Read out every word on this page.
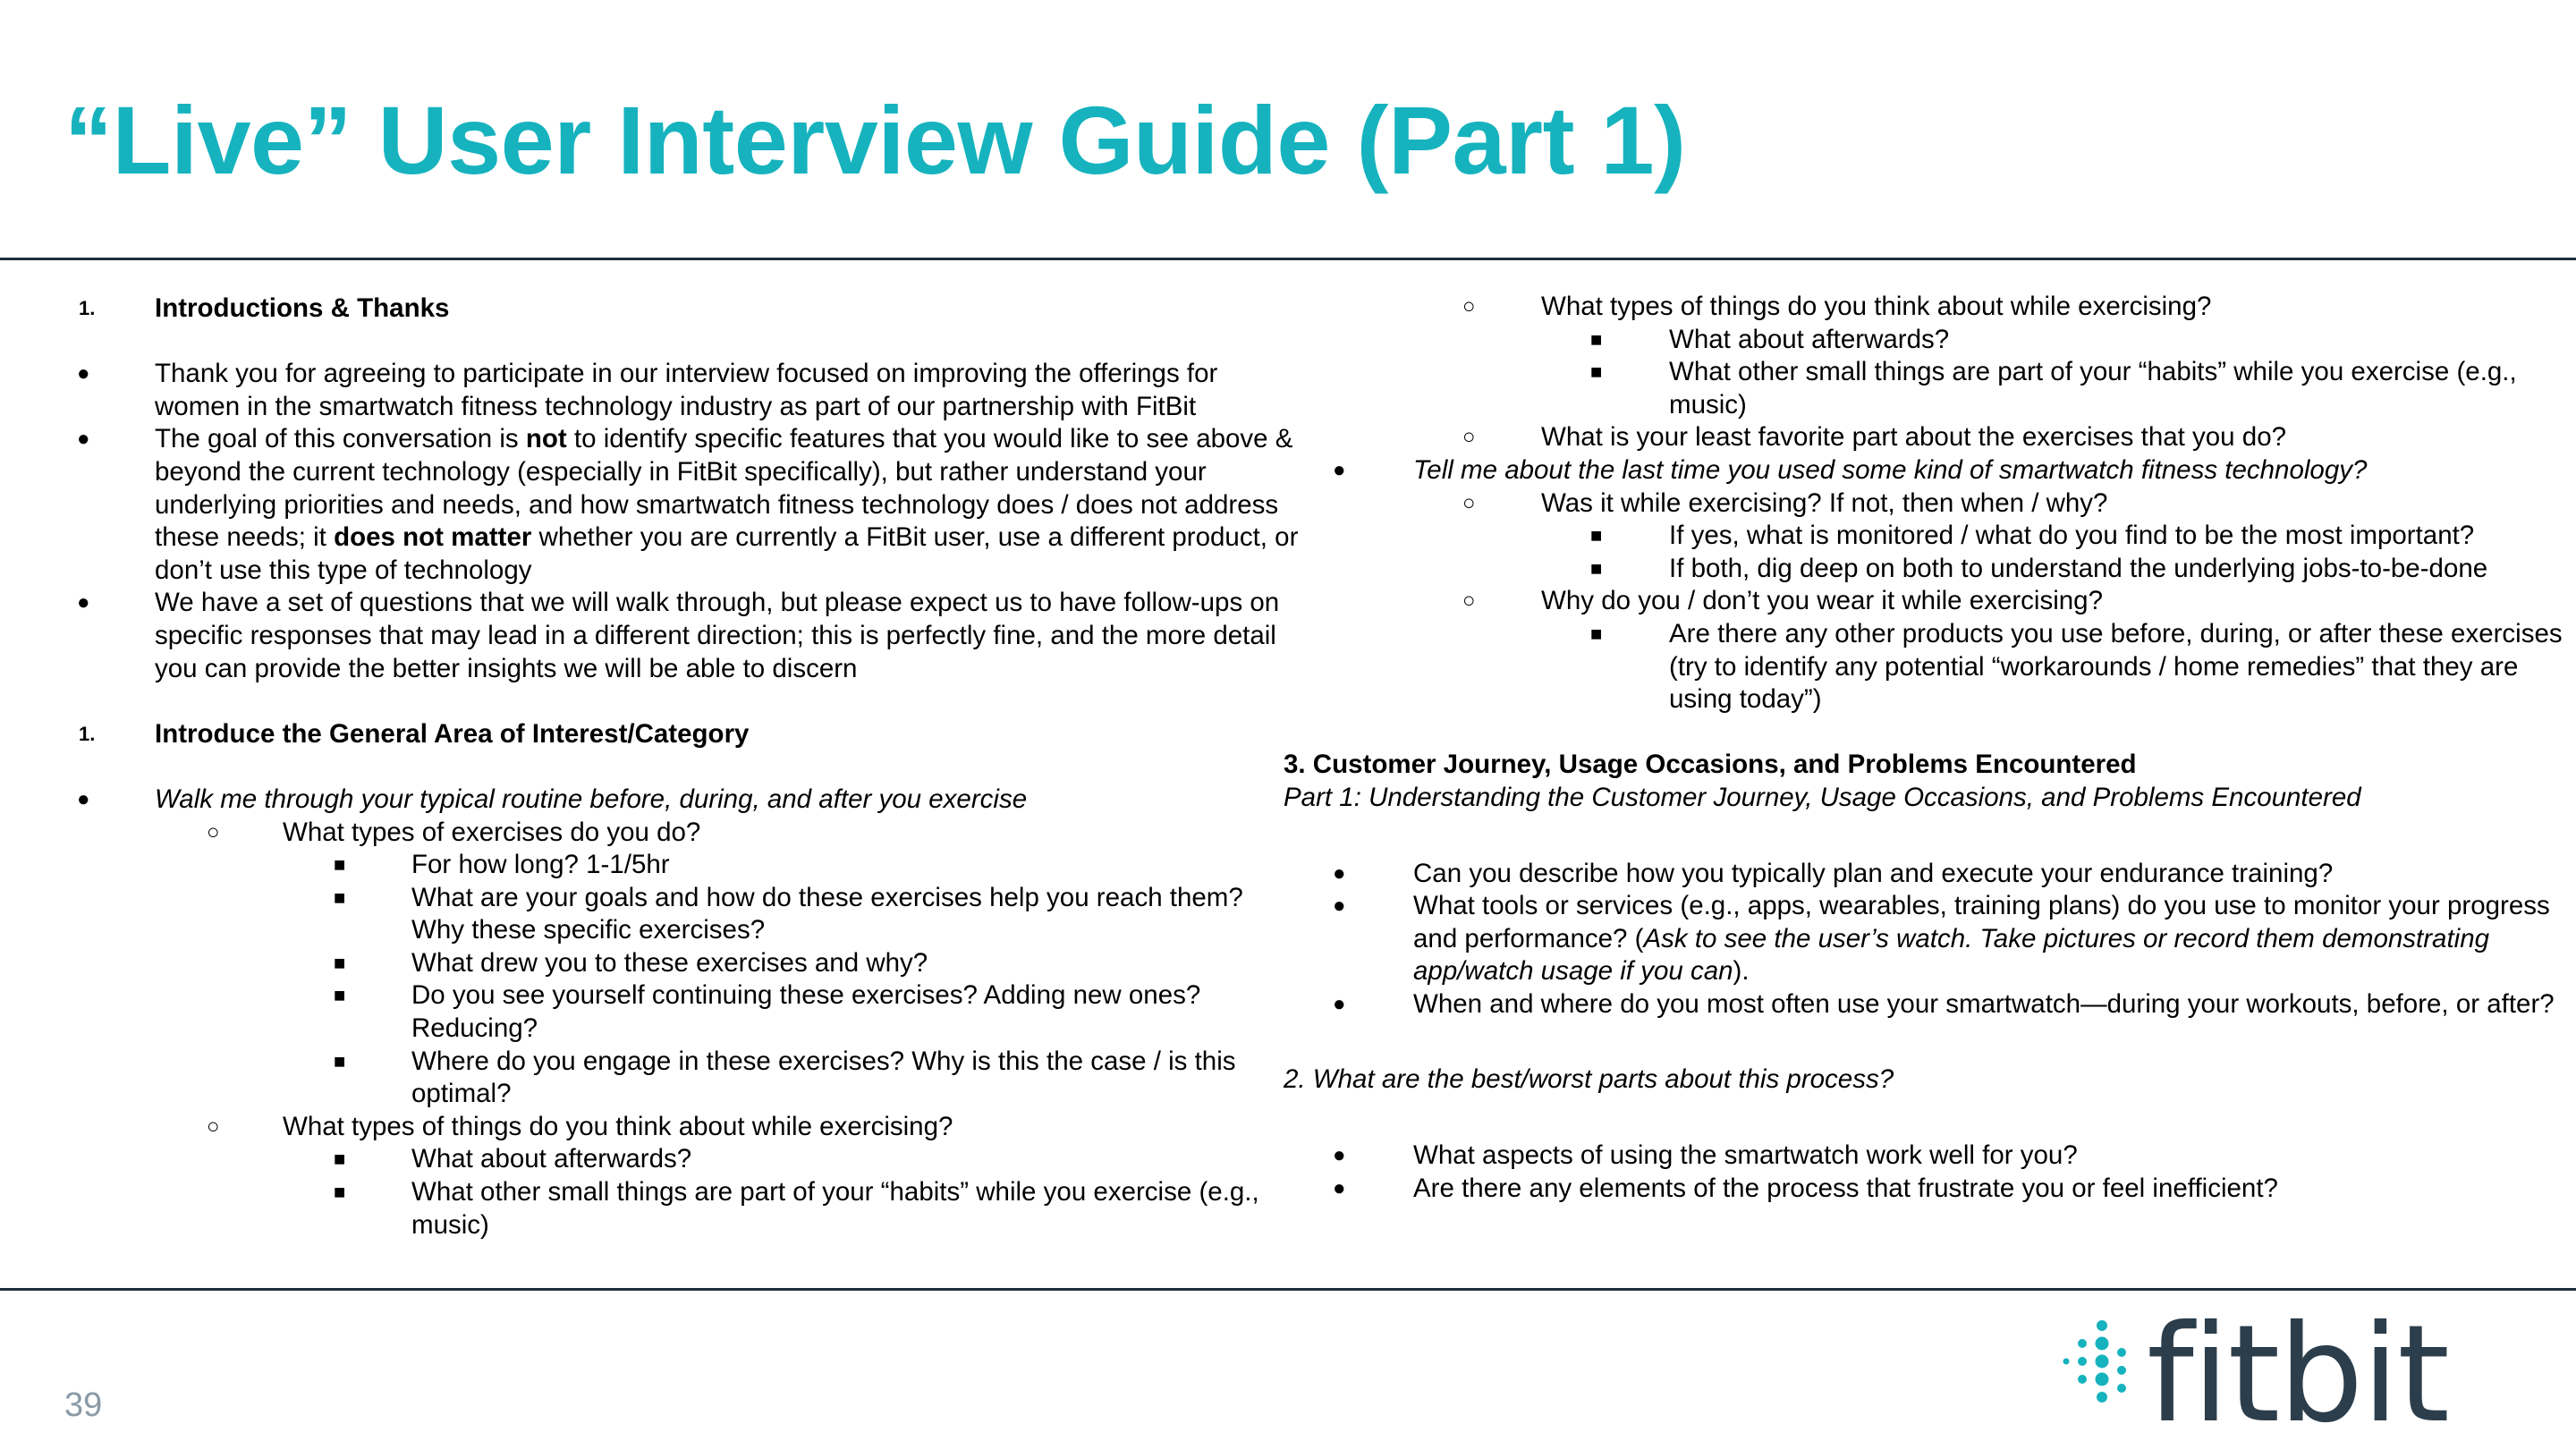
“Live” User Interview Guide (Part 1)
1. Introductions & Thanks
● Thank you for agreeing to participate in our interview focused on improving the offerings for women in the smartwatch fitness technology industry as part of our partnership with FitBit
● The goal of this conversation is not to identify specific features that you would like to see above & beyond the current technology (especially in FitBit specifically), but rather understand your underlying priorities and needs, and how smartwatch fitness technology does / does not address these needs; it does not matter whether you are currently a FitBit user, use a different product, or don’t use this type of technology
● We have a set of questions that we will walk through, but please expect us to have follow-ups on specific responses that may lead in a different direction; this is perfectly fine, and the more detail you can provide the better insights we will be able to discern
1. Introduce the General Area of Interest/Category
● Walk me through your typical routine before, during, and after you exercise
○ What types of exercises do you do?
■ For how long? 1-1/5hr
■ What are your goals and how do these exercises help you reach them? Why these specific exercises?
■ What drew you to these exercises and why?
■ Do you see yourself continuing these exercises? Adding new ones? Reducing?
■ Where do you engage in these exercises? Why is this the case / is this optimal?
○ What types of things do you think about while exercising?
■ What about afterwards?
■ What other small things are part of your “habits” while you exercise (e.g., music)
○ What types of things do you think about while exercising?
■	What about afterwards?
■	What other small things are part of your “habits” while you exercise (e.g., music)
○ What is your least favorite part about the exercises that you do?
●	Tell me about the last time you used some kind of smartwatch fitness technology?
○ Was it while exercising? If not, then when / why?
■	If yes, what is monitored / what do you find to be the most important?
■	If both, dig deep on both to understand the underlying jobs-to-be-done
○ Why do you / don’t you wear it while exercising?
■	Are there any other products you use before, during, or after these exercises (try to identify any potential “workarounds / home remedies” that they are using today”)
3. Customer Journey, Usage Occasions, and Problems Encountered
Part 1: Understanding the Customer Journey, Usage Occasions, and Problems Encountered
●	Can you describe how you typically plan and execute your endurance training?
●	What tools or services (e.g., apps, wearables, training plans) do you use to monitor your progress and performance? (Ask to see the user’s watch. Take pictures or record them demonstrating app/watch usage if you can).
●	When and where do you most often use your smartwatch—during your workouts, before, or after?
2. What are the best/worst parts about this process?
●	What aspects of using the smartwatch work well for you?
●	Are there any elements of the process that frustrate you or feel inefficient?
39	fitbit
